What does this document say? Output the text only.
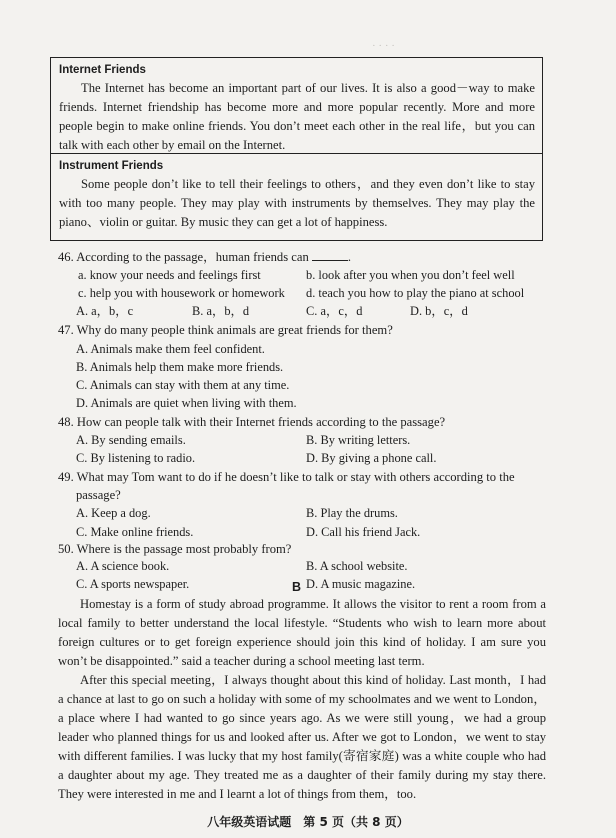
· · · ·
Internet Friends
The Internet has become an important part of our lives. It is also a good－way to make friends. Internet friendship has become more and more popular recently. More and more people begin to make online friends. You don’t meet each other in the real life，but you can talk with each other by email on the Internet.
Instrument Friends
Some people don’t like to tell their feelings to others，and they even don’t like to stay with too many people. They may play with instruments by themselves. They may play the piano、violin or guitar. By music they can get a lot of happiness.
46. According to the passage，human friends can	.
a. know your needs and feelings first	b. look after you when you don’t feel well
c. help you with housework or homework d. teach you how to play the piano at school
A. a，b，c	B. a，b，d	C. a，c，d	D. b，c，d
47. Why do many people think animals are great friends for them?
A. Animals make them feel confident.
B. Animals help them make more friends.
C. Animals can stay with them at any time.
D. Animals are quiet when living with them.
48. How can people talk with their Internet friends according to the passage?
A. By sending emails.	B. By writing letters.
C. By listening to radio.	D. By giving a phone call.
49. What may Tom want to do if he doesn’t like to talk or stay with others according to the
passage?
A. Keep a dog.	B. Play the drums.
C. Make online friends.	D. Call his friend Jack.
50. Where is the passage most probably from?
A. A science book.	B. A school website.
C. A sports newspaper.	D. A music magazine.
B
Homestay is a form of study abroad programme. It allows the visitor to rent a room from a local family to better understand the local lifestyle. “Students who wish to learn more about foreign cultures or to get foreign experience should join this kind of holiday. I am sure you won’t be disappointed.” said a teacher during a school meeting last term.
After this special meeting，I always thought about this kind of holiday. Last month，I had a chance at last to go on such a holiday with some of my schoolmates and we went to London，a place where I had wanted to go since years ago. As we were still young，we had a group leader who planned things for us and looked after us. After we got to London，we went to stay with different families. I was lucky that my host family(寄宿家庭) was a white couple who had a daughter about my age. They treated me as a daughter of their family during my stay there. They were interested in me and I learnt a lot of things from them，too.
八年级英语试题　第 5 页（共 8 页）
